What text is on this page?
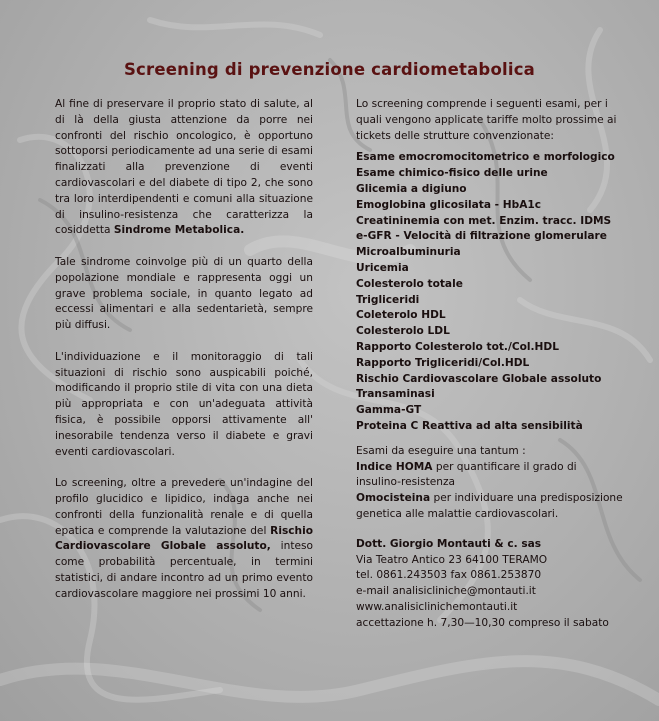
Screening di prevenzione cardiometabolica

Al fine di preservare il proprio stato di salute, al di là della giusta attenzione da porre nei confronti del rischio oncologico, è opportuno sottoporsi periodicamente ad una serie di esami finalizzati alla prevenzione di eventi cardiovascolari e del diabete di tipo 2, che sono tra loro interdipendenti e comuni alla situazione di insulino-resistenza che caratterizza la cosiddetta Sindrome Metabolica.

Tale sindrome coinvolge più di un quarto della popolazione mondiale e rappresenta oggi un grave problema sociale, in quanto legato ad eccessi alimentari e alla sedentarietà, sempre più diffusi.

L'individuazione e il monitoraggio di tali situazioni di rischio sono auspicabili poiché, modificando il proprio stile di vita con una dieta più appropriata e con un'adeguata attività fisica, è possibile opporsi attivamente all' inesorabile tendenza verso il diabete e gravi eventi cardiovascolari.

Lo screening, oltre a prevedere un'indagine del profilo glucidico e lipidico, indaga anche nei confronti della funzionalità renale e di quella epatica e comprende la valutazione del Rischio Cardiovascolare Globale assoluto, inteso come probabilità percentuale, in termini statistici, di andare incontro ad un primo evento cardiovascolare maggiore nei prossimi 10 anni.

Lo screening comprende i seguenti esami, per i quali vengono applicate tariffe molto prossime ai tickets delle strutture convenzionate:
Esame emocromocitometrico e morfologico
Esame chimico-fisico delle urine
Glicemia a digiuno
Emoglobina glicosilata - HbA1c
Creatininemia con met. Enzim. tracc. IDMS
e-GFR - Velocità di filtrazione glomerulare
Microalbuminuria
Uricemia
Colesterolo totale
Trigliceridi
Coleterolo HDL
Colesterolo LDL
Rapporto Colesterolo tot./Col.HDL
Rapporto Trigliceridi/Col.HDL
Rischio Cardiovascolare Globale assoluto
Transaminasi
Gamma-GT
Proteina C Reattiva ad alta sensibilità
Esami da eseguire una tantum :
Indice HOMA per quantificare il grado di insulino-resistenza
Omocisteina per individuare una predisposizione genetica alle malattie cardiovascolari.
Dott. Giorgio Montauti & c. sas
Via Teatro Antico 23 64100 TERAMO
tel. 0861.243503 fax 0861.253870
e-mail analisicliniche@montauti.it
www.analisiclinichemontauti.it
accettazione h. 7,30—10,30 compreso il sabato
